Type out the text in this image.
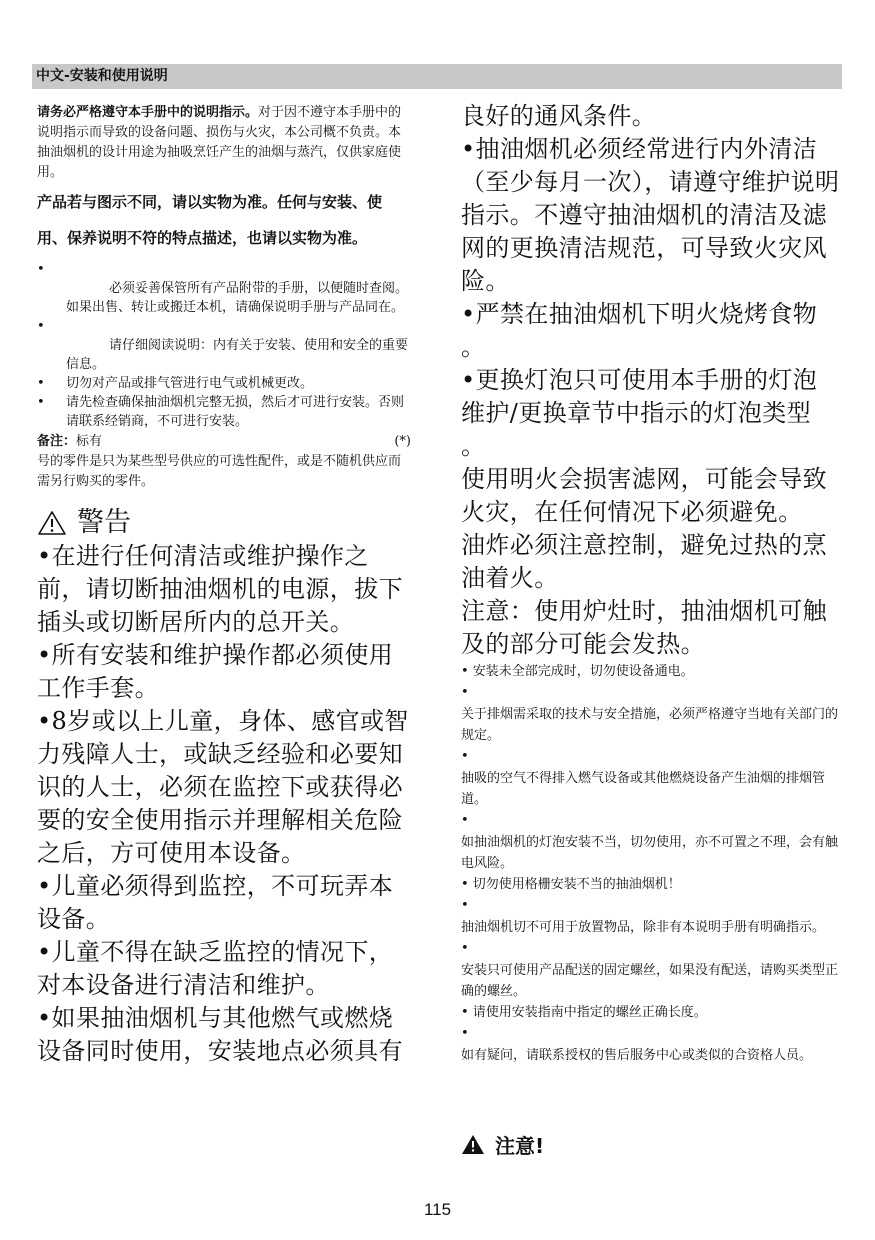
中文-安装和使用说明
请务必严格遵守本手册中的说明指示。对于因不遵守本手册中的说明指示而导致的设备问题、损伤与火灾，本公司概不负责。本抽油烟机的设计用途为抽吸烹饪产生的油烟与蒸汽，仅供家庭使用。
产品若与图示不同，请以实物为准。任何与安装、使用、保养说明不符的特点描述，也请以实物为准。
•
必须妥善保管所有产品附带的手册，以便随时查阅。如果出售、转让或搬迁本机，请确保说明手册与产品同在。
•
请仔细阅读说明：内有关于安装、使用和安全的重要信息。
• 切勿对产品或排气管进行电气或机械更改。
• 请先检查确保抽油烟机完整无损，然后才可进行安装。否则请联系经销商，不可进行安装。
备注：标有	(*)
号的零件是只为某些型号供应的可选性配件，或是不随机供应而需另行购买的零件。
警告
•在进行任何清洁或维护操作之前，请切断抽油烟机的电源，拔下插头或切断居所内的总开关。
•所有安装和维护操作都必须使用工作手套。
•8岁或以上儿童，身体、感官或智力残障人士，或缺乏经验和必要知识的人士，必须在监控下或获得必要的安全使用指示并理解相关危险之后，方可使用本设备。
•儿童必须得到监控，不可玩弄本设备。
•儿童不得在缺乏监控的情况下，对本设备进行清洁和维护。
•如果抽油烟机与其他燃气或燃烧设备同时使用，安装地点必须具有
良好的通风条件。
•抽油烟机必须经常进行内外清洁（至少每月一次），请遵守维护说明指示。不遵守抽油烟机的清洁及滤网的更换清洁规范，可导致火灾风险。
•严禁在抽油烟机下明火烧烤食物
。
•更换灯泡只可使用本手册的灯泡维护/更换章节中指示的灯泡类型
。
使用明火会损害滤网，可能会导致火灾，在任何情况下必须避免。
油炸必须注意控制，避免过热的烹油着火。
注意：使用炉灶时，抽油烟机可触及的部分可能会发热。
• 安装未全部完成时，切勿使设备通电。
•
关于排烟需采取的技术与安全措施，必须严格遵守当地有关部门的规定。
•
抽吸的空气不得排入燃气设备或其他燃烧设备产生油烟的排烟管道。
•
如抽油烟机的灯泡安装不当，切勿使用，亦不可置之不理，会有触电风险。
• 切勿使用格栅安装不当的抽油烟机！
•
抽油烟机切不可用于放置物品，除非有本说明手册有明确指示。
•
安装只可使用产品配送的固定螺丝，如果没有配送，请购买类型正确的螺丝。
• 请使用安装指南中指定的螺丝正确长度。
•
如有疑问，请联系授权的售后服务中心或类似的合资格人员。
注意!
115
